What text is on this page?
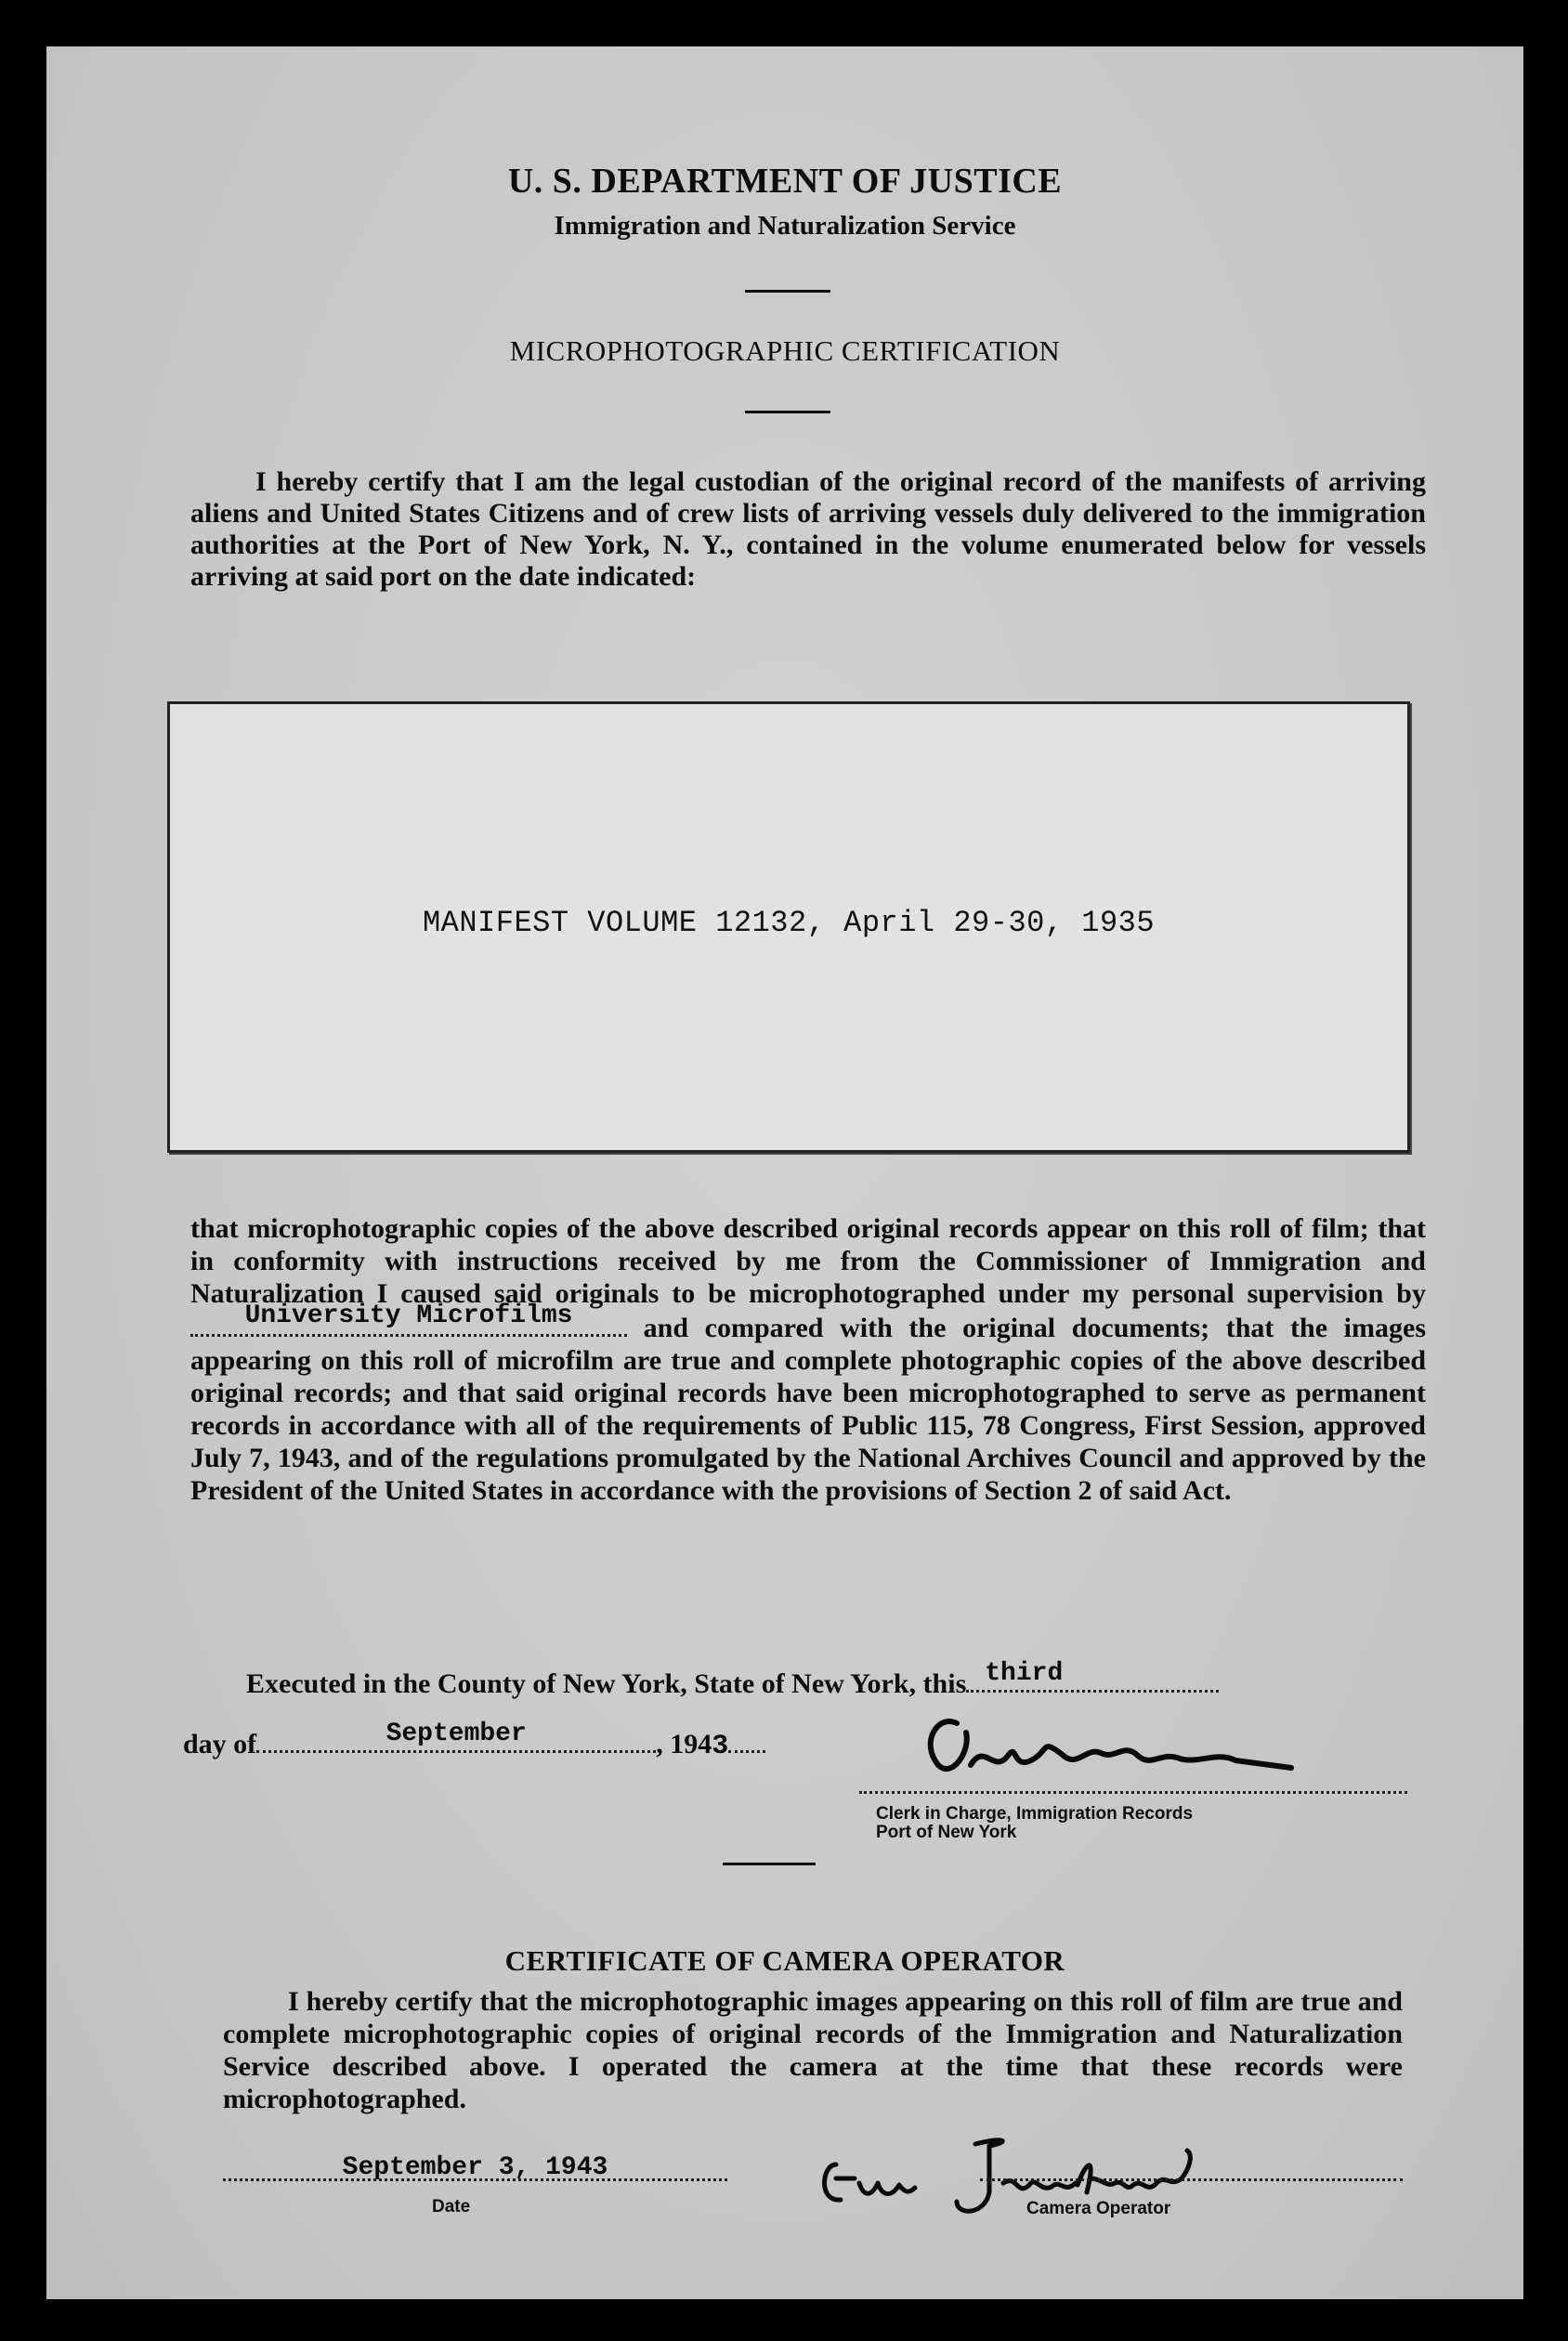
U. S. DEPARTMENT OF JUSTICE
Immigration and Naturalization Service
MICROPHOTOGRAPHIC CERTIFICATION
I hereby certify that I am the legal custodian of the original record of the manifests of arriving aliens and United States Citizens and of crew lists of arriving vessels duly delivered to the immigration authorities at the Port of New York, N. Y., contained in the volume enumerated below for vessels arriving at said port on the date indicated:
MANIFEST VOLUME 12132, April 29-30, 1935
that microphotographic copies of the above described original records appear on this roll of film; that in conformity with instructions received by me from the Commissioner of Immigration and Naturalization I caused said originals to be microphotographed under my personal supervision by
University Microfilms	and compared with the original documents; that the images appearing on this roll of microfilm are true and complete photographic copies of the above described original records; and that said original records have been microphotographed to serve as permanent records in accordance with all of the requirements of Public 115, 78 Congress, First Session, approved July 7, 1943, and of the regulations promulgated by the National Archives Council and approved by the President of the United States in accordance with the provisions of Section 2 of said Act.
Executed in the County of New York, State of New York, this third
day of	September	, 1943
Clerk in Charge, Immigration Records
Port of New York
CERTIFICATE OF CAMERA OPERATOR
I hereby certify that the microphotographic images appearing on this roll of film are true and complete microphotographic copies of original records of the Immigration and Naturalization Service described above. I operated the camera at the time that these records were microphotographed.
September 3, 1943
Date	Camera Operator
